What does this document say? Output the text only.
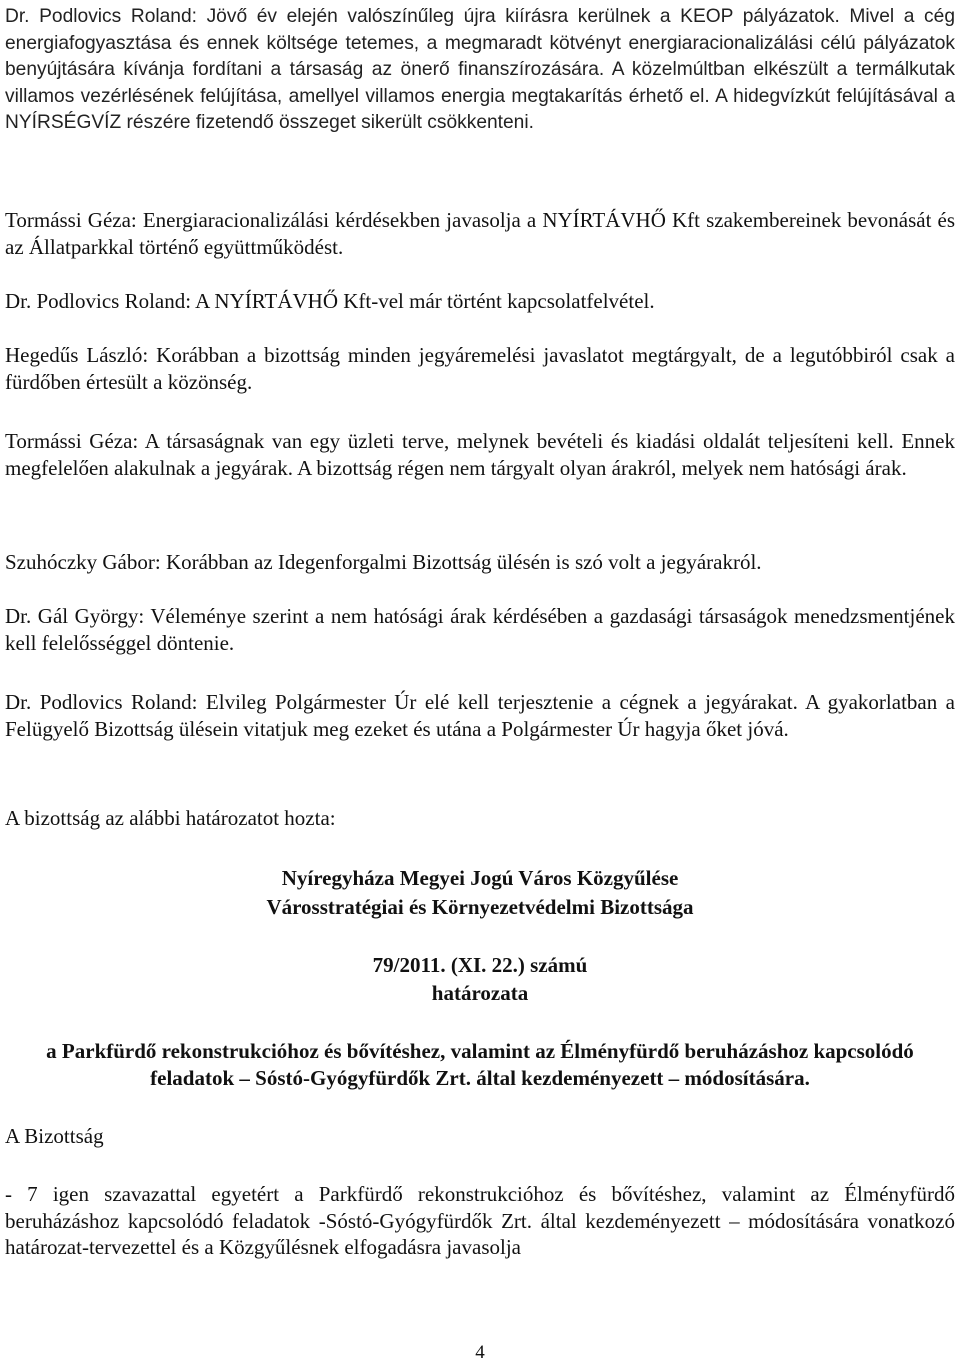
Dr. Podlovics Roland: Jövő év elején valószínűleg újra kiírásra kerülnek a KEOP pályázatok. Mivel a cég energiafogyasztása és ennek költsége tetemes, a megmaradt kötvényt energiaracionalizálási célú pályázatok benyújtására kívánja fordítani a társaság az önerő finanszírozására. A közelmúltban elkészült a termálkutak villamos vezérlésének felújítása, amellyel villamos energia megtakarítás érhető el. A hidegvízkút felújításával a NYÍRSÉGVÍZ részére fizetendő összeget sikerült csökkenteni.

Tormássi Géza: Energiaracionalizálási kérdésekben javasolja a NYÍRTÁVHŐ Kft szakembereinek bevonását és az Állatparkkal történő együttműködést.

Dr. Podlovics Roland: A NYÍRTÁVHŐ Kft-vel már történt kapcsolatfelvétel.

Hegedűs László: Korábban a bizottság minden jegyáremelési javaslatot megtárgyalt, de a legutóbbiról csak a fürdőben értesült a közönség.

Tormássi Géza: A társaságnak van egy üzleti terve, melynek bevételi és kiadási oldalát teljesíteni kell. Ennek megfelelően alakulnak a jegyárak. A bizottság régen nem tárgyalt olyan árakról, melyek nem hatósági árak.

Szuhóczky Gábor: Korábban az Idegenforgalmi Bizottság ülésén is szó volt a jegyárakról.

Dr. Gál György: Véleménye szerint a nem hatósági árak kérdésében a gazdasági társaságok menedzsmentjének kell felelősséggel döntenie.

Dr. Podlovics Roland: Elvileg Polgármester Úr elé kell terjesztenie a cégnek a jegyárakat. A gyakorlatban a Felügyelő Bizottság ülésein vitatjuk meg ezeket és utána a Polgármester Úr hagyja őket jóvá.

A bizottság az alábbi határozatot hozta:

Nyíregyháza Megyei Jogú Város Közgyűlése
Városstratégiai és Környezetvédelmi Bizottsága
79/2011. (XI. 22.) számú
határozata

a Parkfürdő rekonstrukcióhoz és bővítéshez, valamint az Élményfürdő beruházáshoz kapcsolódó feladatok – Sóstó-Gyógyfürdők Zrt. által kezdeményezett – módosítására.

A Bizottság

- 7 igen szavazattal egyetért a Parkfürdő rekonstrukcióhoz és bővítéshez, valamint az Élményfürdő beruházáshoz kapcsolódó feladatok -Sóstó-Gyógyfürdők Zrt. által kezdeményezett – módosítására vonatkozó határozat-tervezettel és a Közgyűlésnek elfogadásra javasolja

4
